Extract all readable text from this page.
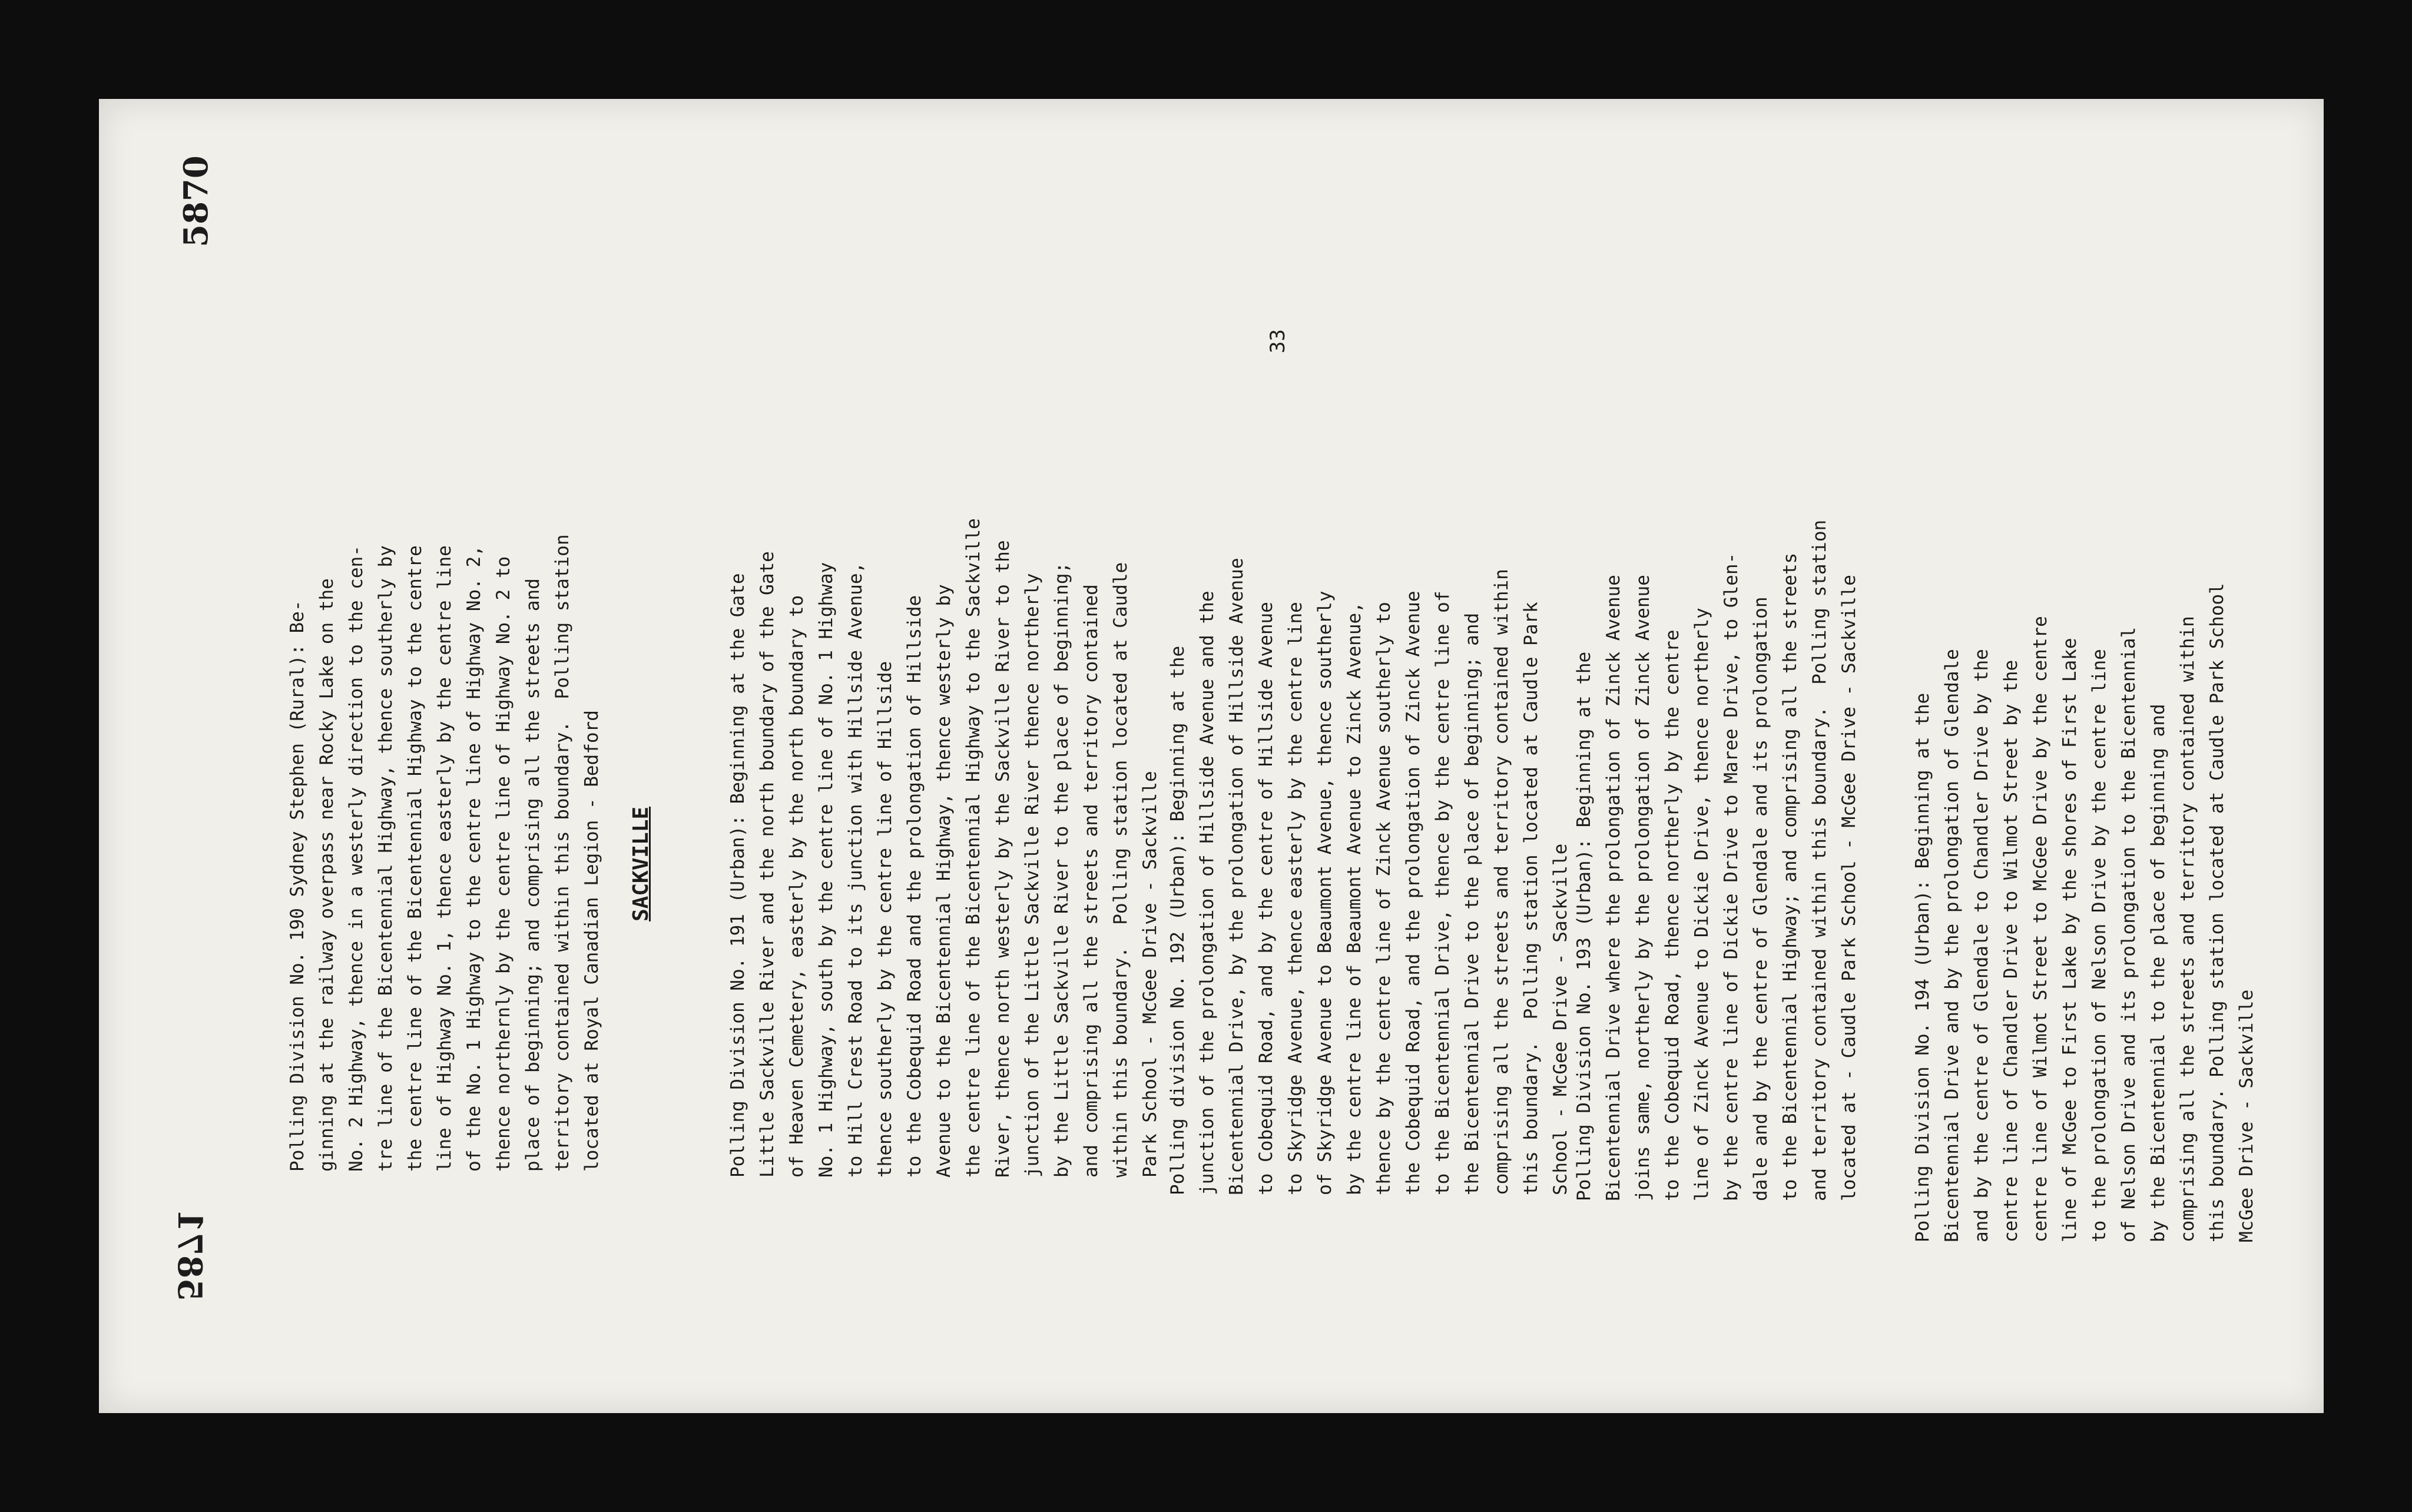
5870
5871
33
Polling Division No. 190 Sydney Stephen (Rural): Be- ginning at the railway overpass near Rocky Lake on the No. 2 Highway, thence in a westerly direction to the cen- tre line of the Bicentennial Highway, thence southerly by the centre line of the Bicentennial Highway to the centre line of Highway No. 1, thence easterly by the centre line of the No. 1 Highway to the centre line of Highway No. 2, thence northernly by the centre line of Highway No. 2 to place of beginning; and comprising all the streets and territory contained within this boundary.  Polling station located at Royal Canadian Legion - Bedford SACKVILLE	Polling Division No. 191 (Urban): Beginning at the Gate Little Sackville River and the north boundary of the Gate of Heaven Cemetery, easterly by the north boundary to No. 1 Highway, south by the centre line of No. 1 Highway to Hill Crest Road to its junction with Hillside Avenue, thence southerly by the centre line of Hillside to the Cobequid Road and the prolongation of Hillside Avenue to the Bicentennial Highway, thence westerly by the centre line of the Bicentennial Highway to the Sackville River, thence north westerly by the Sackville River to the junction of the Little Sackville River thence northerly by the Little Sackville River to the place of beginning; and comprising all the streets and territory contained within this boundary.  Polling station located at Caudle Park School - McGee Drive - Sackville Polling division No. 192 (Urban): Beginning at the junction of the prolongation of Hillside Avenue and the Bicentennial Drive, by the prolongation of Hillside Avenue to Cobequid Road, and by the centre of Hillside Avenue to Skyridge Avenue, thence easterly by the centre line of Skyridge Avenue to Beaumont Avenue, thence southerly by the centre line of Beaumont Avenue to Zinck Avenue, thence by the centre line of Zinck Avenue southerly to the Cobequid Road, and the prolongation of Zinck Avenue to the Bicentennial Drive, thence by the centre line of the Bicentennial Drive to the place of beginning; and comprising all the streets and territory contained within this boundary.  Polling station located at Caudle Park School - McGee Drive - Sackville Polling Division No. 193 (Urban): Beginning at the Bicentennial Drive where the prolongation of Zinck Avenue joins same, northerly by the prolongation of Zinck Avenue to the Cobequid Road, thence northerly by the centre line of Zinck Avenue to Dickie Drive, thence northerly by the centre line of Dickie Drive to Maree Drive, to Glen- dale and by the centre of Glendale and its prolongation to the Bicentennial Highway; and comprising all the streets and territory contained within this boundary.  Polling station located at - Caudle Park School - McGee Drive - Sackville	Polling Division No. 194 (Urban): Beginning at the Bicentennial Drive and by the prolongation of Glendale and by the centre of Glendale to Chandler Drive by the centre line of Chandler Drive to Wilmot Street by the centre line of Wilmot Street to McGee Drive by the centre line of McGee to First Lake by the shores of First Lake to the prolongation of Nelson Drive by the centre line of Nelson Drive and its prolongation to the Bicentennial by the Bicentennial to the place of beginning and comprising all the streets and territory contained within this boundary. Polling station located at Caudle Park School McGee Drive - Sackville
